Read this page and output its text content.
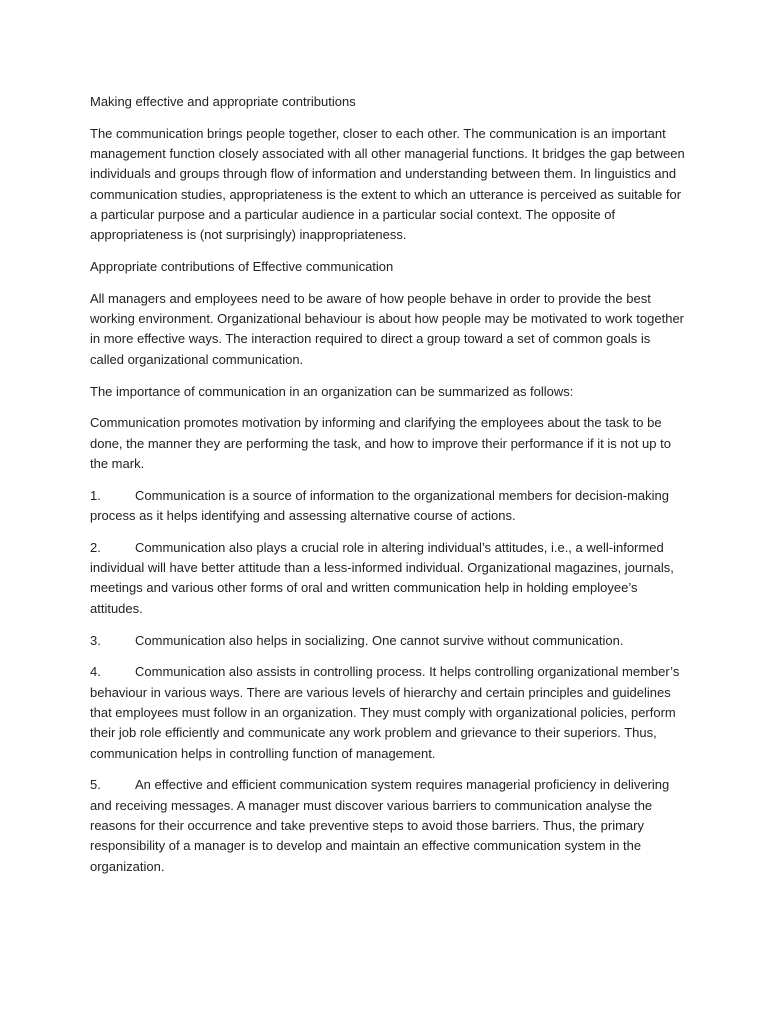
Making effective and appropriate contributions

The communication brings people together, closer to each other. The communication is an important management function closely associated with all other managerial functions. It bridges the gap between individuals and groups through flow of information and understanding between them. In linguistics and communication studies, appropriateness is the extent to which an utterance is perceived as suitable for a particular purpose and a particular audience in a particular social context. The opposite of appropriateness is (not surprisingly) inappropriateness.

Appropriate contributions of Effective communication

All managers and employees need to be aware of how people behave in order to provide the best working environment. Organizational behaviour is about how people may be motivated to work together in more effective ways. The interaction required to direct a group toward a set of common goals is called organizational communication.

The importance of communication in an organization can be summarized as follows:

Communication promotes motivation by informing and clarifying the employees about the task to be done, the manner they are performing the task, and how to improve their performance if it is not up to the mark.

1.	Communication is a source of information to the organizational members for decision-making process as it helps identifying and assessing alternative course of actions.

2.	Communication also plays a crucial role in altering individual’s attitudes, i.e., a well-informed individual will have better attitude than a less-informed individual. Organizational magazines, journals, meetings and various other forms of oral and written communication help in holding employee’s attitudes.

3.	Communication also helps in socializing. One cannot survive without communication.

4.	Communication also assists in controlling process. It helps controlling organizational member’s behaviour in various ways. There are various levels of hierarchy and certain principles and guidelines that employees must follow in an organization. They must comply with organizational policies, perform their job role efficiently and communicate any work problem and grievance to their superiors. Thus, communication helps in controlling function of management.

5.	An effective and efficient communication system requires managerial proficiency in delivering and receiving messages. A manager must discover various barriers to communication analyse the reasons for their occurrence and take preventive steps to avoid those barriers. Thus, the primary responsibility of a manager is to develop and maintain an effective communication system in the organization.
